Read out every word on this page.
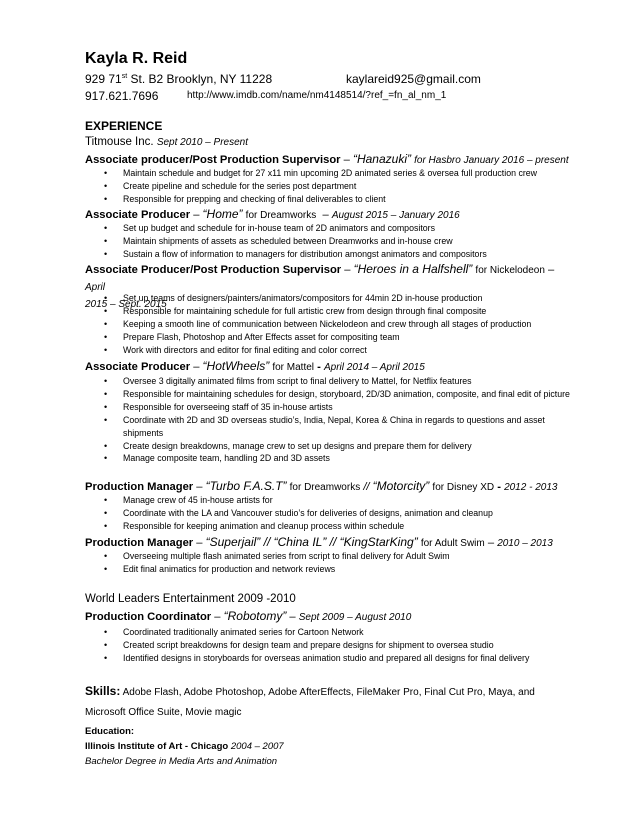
Kayla R. Reid
929 71st St. B2 Brooklyn, NY 11228	kaylareid925@gmail.com
917.621.7696	http://www.imdb.com/name/nm4148514/?ref_=fn_al_nm_1
EXPERIENCE
Titmouse Inc. Sept 2010 – Present
Associate producer/Post Production Supervisor – “Hanazuki” for Hasbro January 2016 – present
• Maintain schedule and budget for 27 x11 min upcoming 2D animated series & oversea full production crew
• Create pipeline and schedule for the series post department
• Responsible for prepping and checking of final deliverables to client
Associate Producer – “Home” for Dreamworks – August 2015 – January 2016
• Set up budget and schedule for in-house team of 2D animators and compositors
• Maintain shipments of assets as scheduled between Dreamworks and in-house crew
• Sustain a flow of information to managers for distribution amongst animators and compositors
Associate Producer/Post Production Supervisor – “Heroes in a Halfshell” for Nickelodeon – April
2015 – Sept. 2015
• Set up teams of designers/painters/animators/compositors for 44min 2D in-house production
• Responsible for maintaining schedule for full artistic crew from design through final composite
• Keeping a smooth line of communication between Nickelodeon and crew through all stages of production
• Prepare Flash, Photoshop and After Effects asset for compositing team
• Work with directors and editor for final editing and color correct
Associate Producer – “HotWheels” for Mattel - April 2014 – April 2015
• Oversee 3 digitally animated films from script to final delivery to Mattel, for Netflix features
• Responsible for maintaining schedules for design, storyboard, 2D/3D animation, composite, and final edit of picture
• Responsible for overseeing staff of 35 in-house artists
• Coordinate with 2D and 3D overseas studio’s, India, Nepal, Korea & China in regards to questions and asset shipments
• Create design breakdowns, manage crew to set up designs and prepare them for delivery
• Manage composite team, handling 2D and 3D assets
Production Manager – “Turbo F.A.S.T” for Dreamworks // “Motorcity” for Disney XD - 2012 - 2013
• Manage crew of 45 in-house artists for
• Coordinate with the LA and Vancouver studio’s for deliveries of designs, animation and cleanup
• Responsible for keeping animation and cleanup process within schedule
Production Manager – “Superjail” // “China IL” // “KingStarKing” for Adult Swim – 2010 – 2013
• Overseeing multiple flash animated series from script to final delivery for Adult Swim
• Edit final animatics for production and network reviews
World Leaders Entertainment 2009 -2010
Production Coordinator – “Robotomy” – Sept 2009 – August 2010
• Coordinated traditionally animated series for Cartoon Network
• Created script breakdowns for design team and prepare designs for shipment to oversea studio
• Identified designs in storyboards for overseas animation studio and prepared all designs for final delivery
Skills: Adobe Flash, Adobe Photoshop, Adobe AfterEffects, FileMaker Pro, Final Cut Pro, Maya, and Microsoft Office Suite, Movie magic
Education:
Illinois Institute of Art - Chicago 2004 – 2007
Bachelor Degree in Media Arts and Animation
